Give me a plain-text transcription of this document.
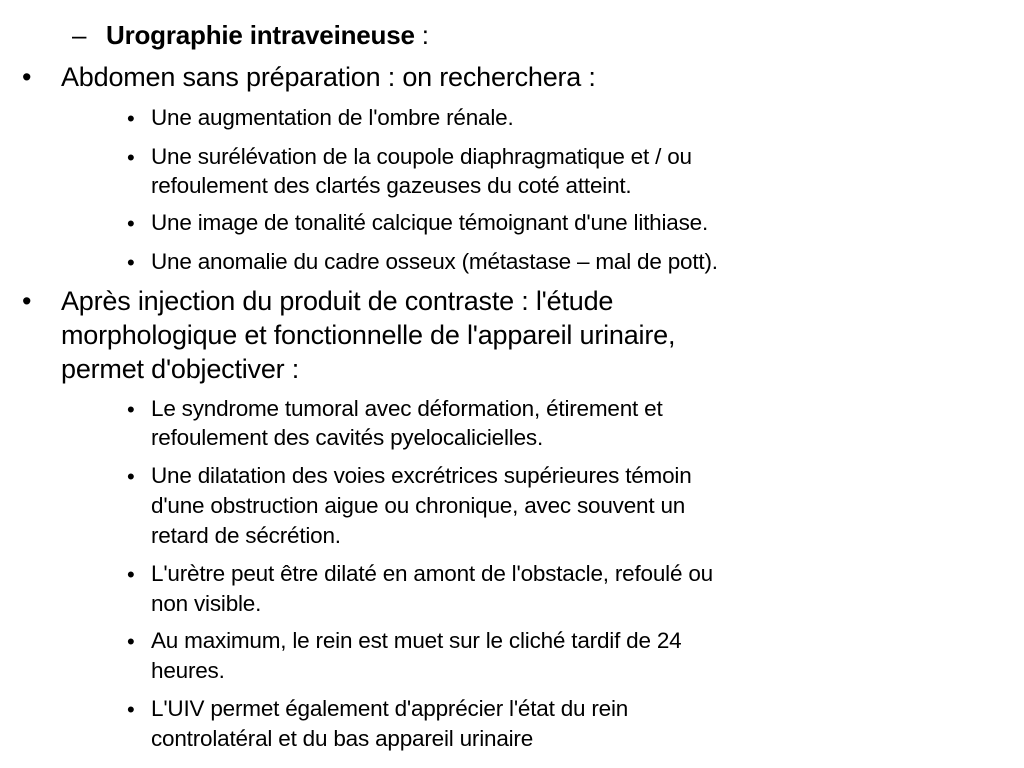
– Urographie intraveineuse :
• Abdomen sans préparation : on recherchera :
• Une augmentation de l'ombre rénale.
• Une surélévation de la coupole diaphragmatique et / ou
refoulement des clartés gazeuses du coté atteint.
• Une image de tonalité calcique témoignant d'une lithiase.
• Une anomalie du cadre osseux (métastase – mal de pott).
• Après injection du produit de contraste : l'étude
morphologique et fonctionnelle de l'appareil urinaire,
permet d'objectiver :
• Le syndrome tumoral avec déformation, étirement et
refoulement des cavités pyelocalicielles.
• Une dilatation des voies excrétrices supérieures témoin
d'une obstruction aigue ou chronique, avec souvent un
retard de sécrétion.
• L'urètre peut être dilaté en amont de l'obstacle, refoulé ou
non visible.
• Au maximum, le rein est muet sur le cliché tardif de 24
heures.
• L'UIV permet également d'apprécier l'état du rein
controlatéral et du bas appareil urinaire
